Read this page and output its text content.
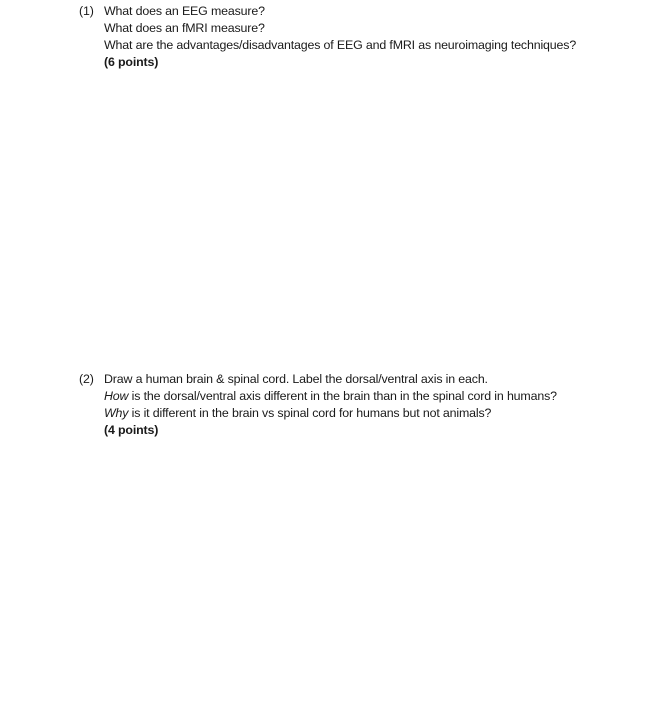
(1) What does an EEG measure?
What does an fMRI measure?
What are the advantages/disadvantages of EEG and fMRI as neuroimaging techniques?
(6 points)
(2) Draw a human brain & spinal cord. Label the dorsal/ventral axis in each.
How is the dorsal/ventral axis different in the brain than in the spinal cord in humans?
Why is it different in the brain vs spinal cord for humans but not animals?
(4 points)
